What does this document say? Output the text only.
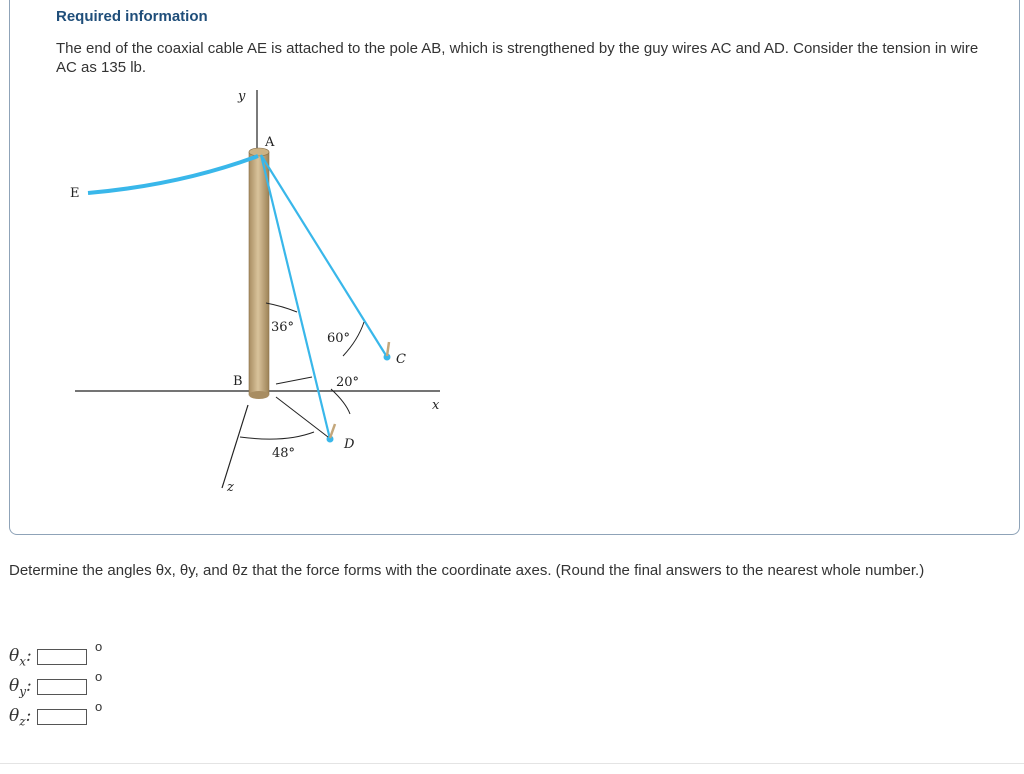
Required information
The end of the coaxial cable AE is attached to the pole AB, which is strengthened by the guy wires AC and AD. Consider the tension in wire AC as 135 lb.
y
A
E
B
C
D
x
z
36°
60°
20°
48°
Determine the angles θx, θy, and θz that the force forms with the coordinate axes. (Round the final answers to the nearest whole number.)
$\theta_x$:	o
$\theta_y$:	o
$\theta_z$:	o
